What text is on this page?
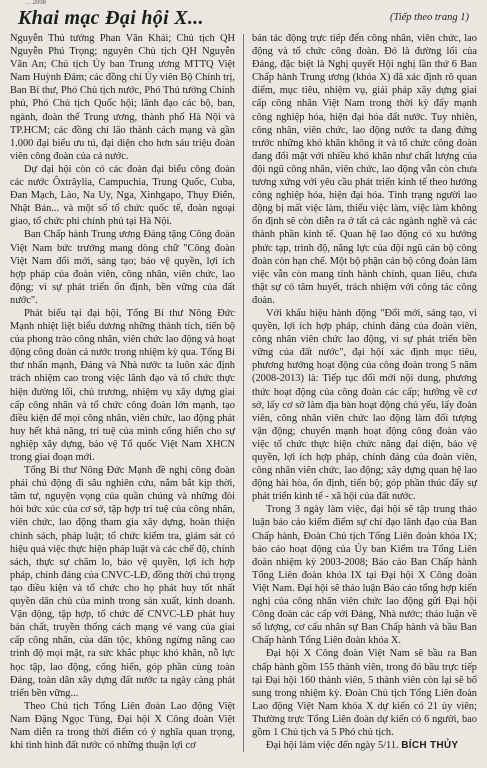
... 2008
Khai mạc Đại hội X...	(Tiếp theo trang 1)

Nguyễn Thủ tướng Phan Văn Khải; Chủ tịch QH Nguyễn Phú Trọng; nguyên Chủ tịch QH Nguyễn Văn An; Chủ tịch Ủy ban Trung ương MTTQ Việt Nam Huỳnh Đảm; các đồng chí Ủy viên Bộ Chính trị, Ban Bí thư, Phó Chủ tịch nước, Phó Thủ tướng Chính phủ, Phó Chủ tịch Quốc hội; lãnh đạo các bộ, ban, ngành, đoàn thể Trung ương, thành phố Hà Nội và TP.HCM; các đồng chí lão thành cách mạng và gần 1.000 đại biểu ưu tú, đại diện cho hơn sáu triệu đoàn viên công đoàn của cả nước.

Dự đại hội còn có các đoàn đại biểu công đoàn các nước Ôxtrâylia, Campuchia, Trung Quốc, Cuba, Đan Mạch, Lào, Na Uy, Nga, Xinhgapo, Thụy Điển, Nhật Bản... và một số tổ chức quốc tế, đoàn ngoại giao, tổ chức phi chính phủ tại Hà Nội.

Ban Chấp hành Trung ương Đảng tặng Công đoàn Việt Nam bức trướng mang dòng chữ "Công đoàn Việt Nam đổi mới, sáng tạo; bảo vệ quyền, lợi ích hợp pháp của đoàn viên, công nhân, viên chức, lao động; vì sự phát triển ổn định, bền vững của đất nước".

Phát biểu tại đại hội, Tổng Bí thư Nông Đức Mạnh nhiệt liệt biểu dương những thành tích, tiến bộ của phong trào công nhân, viên chức lao động và hoạt động công đoàn cả nước trong nhiệm kỳ qua. Tổng Bí thư nhấn mạnh, Đảng và Nhà nước ta luôn xác định trách nhiệm cao trong việc lãnh đạo và tổ chức thực hiện đường lối, chủ trương, nhiệm vụ xây dựng giai cấp công nhân và tổ chức công đoàn lớn mạnh, tạo điều kiện để mọi công nhân, viên chức, lao động phát huy hết khả năng, trí tuệ của mình cống hiến cho sự nghiệp xây dựng, bảo vệ Tổ quốc Việt Nam XHCN trong giai đoạn mới.

Tổng Bí thư Nông Đức Mạnh đề nghị công đoàn phải chủ động đi sâu nghiên cứu, nắm bắt kịp thời, tâm tư, nguyện vọng của quần chúng và những đòi hỏi bức xúc của cơ sở, tập hợp trí tuệ của công nhân, viên chức, lao động tham gia xây dựng, hoàn thiện chính sách, pháp luật; tổ chức kiểm tra, giám sát có hiệu quả việc thực hiện pháp luật và các chế độ, chính sách, thực sự chăm lo, bảo vệ quyền, lợi ích hợp pháp, chính đáng của CNVC-LĐ, đồng thời chú trọng tạo điều kiện và tổ chức cho họ phát huy tốt nhất quyền dân chủ của mình trong sản xuất, kinh doanh. Vận động, tập hợp, tổ chức để CNVC-LĐ phát huy bản chất, truyền thống cách mạng vẻ vang của giai cấp công nhân, của dân tộc, không ngừng nâng cao trình độ mọi mặt, ra sức khắc phục khó khăn, nỗ lực học tập, lao động, cống hiến, góp phần cùng toàn Đảng, toàn dân xây dựng đất nước ta ngày càng phát triển bền vững...

Theo Chủ tịch Tổng Liên đoàn Lao động Việt Nam Đặng Ngọc Tùng, Đại hội X Công đoàn Việt Nam diễn ra trong thời điểm có ý nghĩa quan trọng, khi tình hình đất nước có những thuận lợi cơ

bản tác động trực tiếp đến công nhân, viên chức, lao động và tổ chức công đoàn. Đó là đường lối của Đảng, đặc biệt là Nghị quyết Hội nghị lần thứ 6 Ban Chấp hành Trung ương (khóa X) đã xác định rõ quan điểm, mục tiêu, nhiệm vụ, giải pháp xây dựng giai cấp công nhân Việt Nam trong thời kỳ đẩy mạnh công nghiệp hóa, hiện đại hóa đất nước. Tuy nhiên, công nhân, viên chức, lao động nước ta đang đứng trước những khó khăn không ít và tổ chức công đoàn đang đối mặt với nhiều khó khăn như chất lượng của đội ngũ công nhân, viên chức, lao động vẫn còn chưa tương xứng với yêu cầu phát triển kinh tế theo hướng công nghiệp hóa, hiện đại hóa. Tình trạng người lao động bị mất việc làm, thiếu việc làm, việc làm không ổn định sẽ còn diễn ra ở tất cả các ngành nghề và các thành phần kinh tế. Quan hệ lao động có xu hướng phức tạp, trình độ, năng lực của đội ngũ cán bộ công đoàn còn hạn chế. Một bộ phận cán bộ công đoàn làm việc vẫn còn mang tính hành chính, quan liêu, chưa thật sự có tâm huyết, trách nhiệm với công tác công đoàn.

Với khẩu hiệu hành động "Đổi mới, sáng tạo, vì quyền, lợi ích hợp pháp, chính đáng của đoàn viên, công nhân viên chức lao động, vì sự phát triển bền vững của đất nước", đại hội xác định mục tiêu, phương hướng hoạt động của công đoàn trong 5 năm (2008-2013) là: Tiếp tục đổi mới nội dung, phương thức hoạt động của công đoàn các cấp; hướng về cơ sở, lấy cơ sở làm địa bàn hoạt động chủ yếu, lấy đoàn viên, công nhân viên chức lao động làm đối tượng vận động; chuyển mạnh hoạt động công đoàn vào việc tổ chức thực hiện chức năng đại diện, bảo vệ quyền, lợi ích hợp pháp, chính đáng của đoàn viên, công nhân viên chức, lao động; xây dựng quan hệ lao động hài hòa, ổn định, tiến bộ; góp phần thúc đẩy sự phát triển kinh tế - xã hội của đất nước.

Trong 3 ngày làm việc, đại hội sẽ tập trung thảo luận báo cáo kiểm điểm sự chỉ đạo lãnh đạo của Ban Chấp hành, Đoàn Chủ tịch Tổng Liên đoàn khóa IX; báo cáo hoạt động của Ủy ban Kiểm tra Tổng Liên đoàn nhiệm kỳ 2003-2008; Báo cáo Ban Chấp hành Tổng Liên đoàn khóa IX tại Đại hội X Công đoàn Việt Nam. Đại hội sẽ thảo luận Báo cáo tổng hợp kiến nghị của công nhân viên chức lao động gửi Đại hội Công đoàn các cấp với Đảng, Nhà nước; thảo luận về số lượng, cơ cấu nhân sự Ban Chấp hành và bầu Ban Chấp hành Tổng Liên đoàn khóa X.

Đại hội X Công đoàn Việt Nam sẽ bầu ra Ban chấp hành gồm 155 thành viên, trong đó bầu trực tiếp tại Đại hội 160 thành viên, 5 thành viên còn lại sẽ bổ sung trong nhiệm kỳ. Đoàn Chủ tịch Tổng Liên đoàn Lao động Việt Nam khóa X dự kiến có 21 ủy viên; Thường trực Tổng Liên đoàn dự kiến có 6 người, bao gồm 1 Chủ tịch và 5 Phó chủ tịch.

Đại hội làm việc đến ngày 5/11. BÍCH THỦY
